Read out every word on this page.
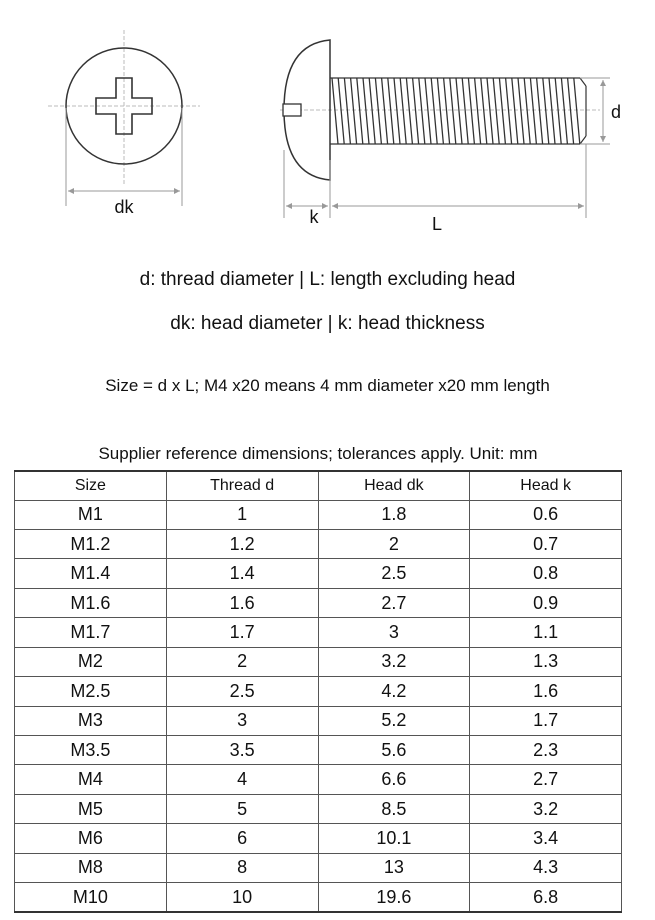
dk	k	L
d
d: thread diameter | L: length excluding head
dk: head diameter | k: head thickness
Size = d x L; M4 x20 means 4 mm diameter x20 mm length
Supplier reference dimensions; tolerances apply. Unit: mm
Size	Thread d	Head dk	Head k
M1	1	1.8	0.6
M1.2	1.2	2	0.7
M1.4	1.4	2.5	0.8
M1.6	1.6	2.7	0.9
M1.7	1.7	3	1.1
M2	2	3.2	1.3
M2.5	2.5	4.2	1.6
M3	3	5.2	1.7
M3.5	3.5	5.6	2.3
M4	4	6.6	2.7
M5	5	8.5	3.2
M6	6	10.1	3.4
M8	8	13	4.3
M10	10	19.6	6.8
